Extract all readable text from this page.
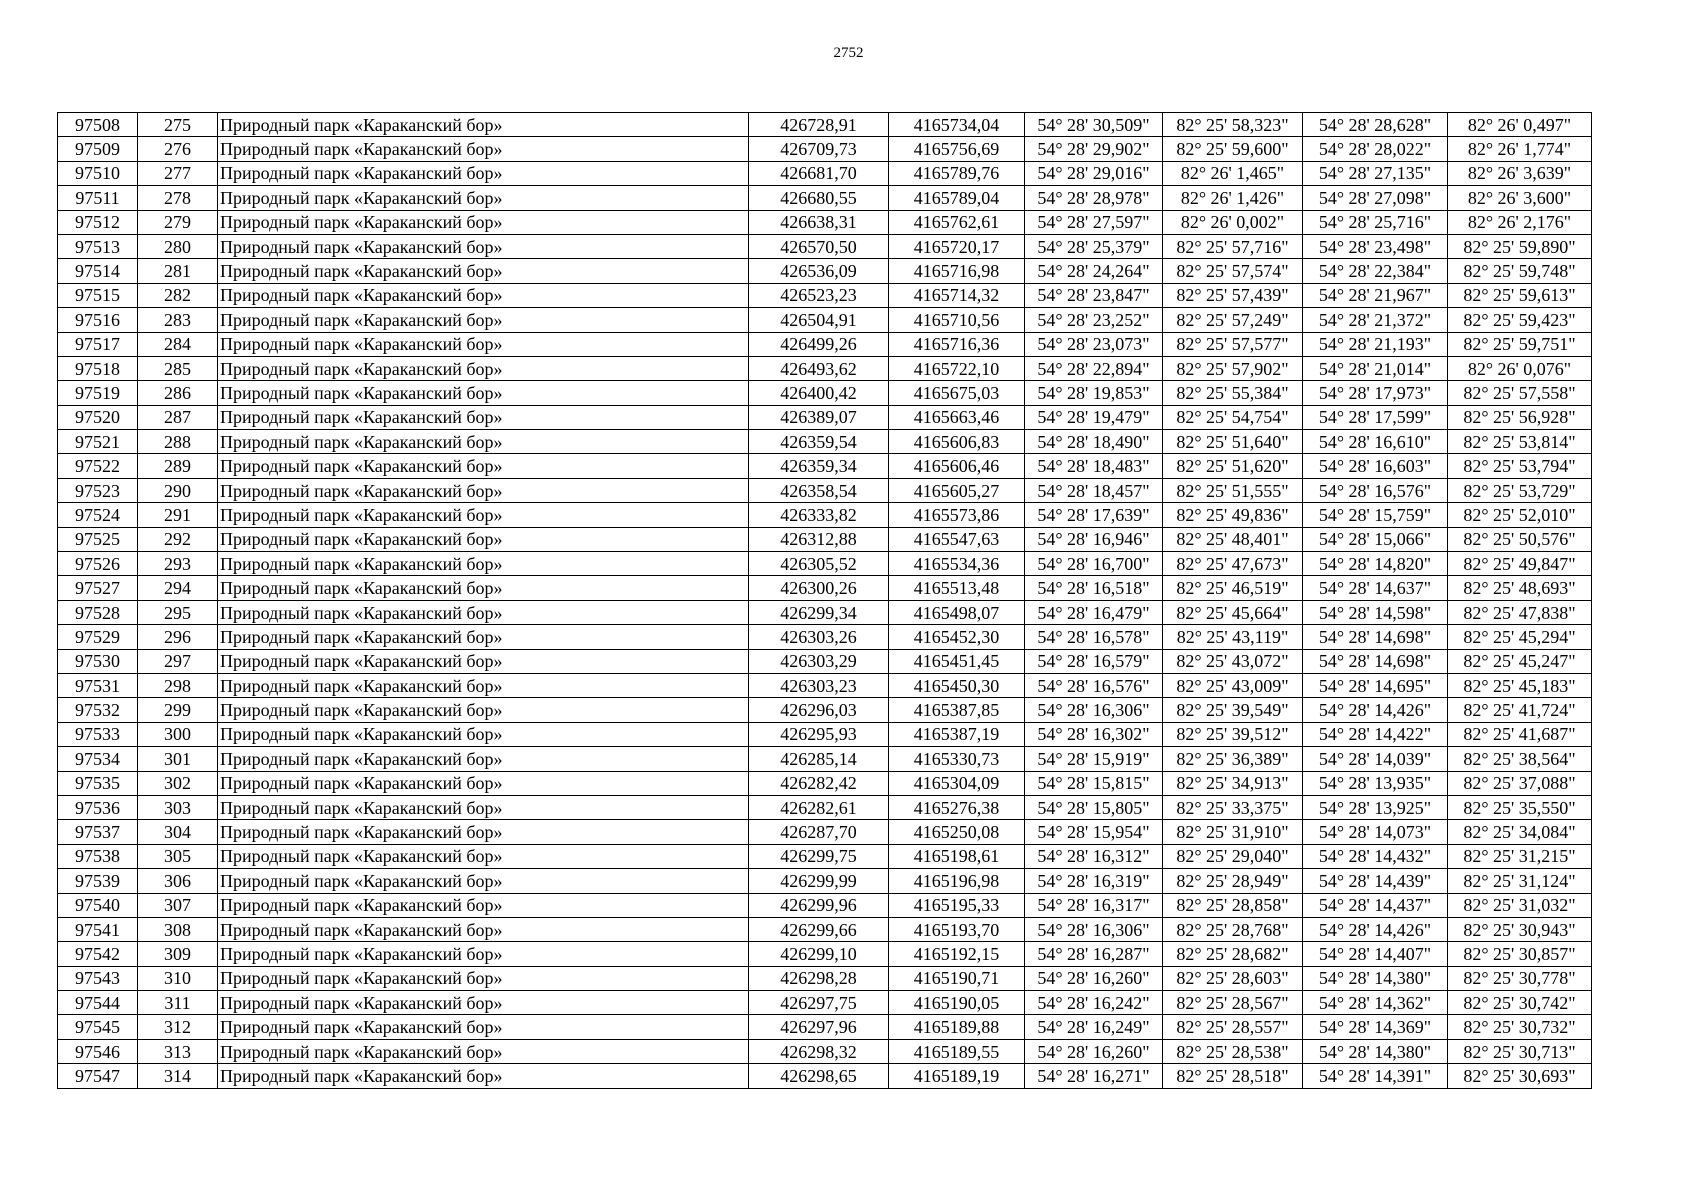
2752
97508	275	Природный парк «Караканский бор»	426728,91	4165734,04	54° 28' 30,509"	82° 25' 58,323"	54° 28' 28,628"	82° 26' 0,497"
97509	276	Природный парк «Караканский бор»	426709,73	4165756,69	54° 28' 29,902"	82° 25' 59,600"	54° 28' 28,022"	82° 26' 1,774"
97510	277	Природный парк «Караканский бор»	426681,70	4165789,76	54° 28' 29,016"	82° 26' 1,465"	54° 28' 27,135"	82° 26' 3,639"
97511	278	Природный парк «Караканский бор»	426680,55	4165789,04	54° 28' 28,978"	82° 26' 1,426"	54° 28' 27,098"	82° 26' 3,600"
97512	279	Природный парк «Караканский бор»	426638,31	4165762,61	54° 28' 27,597"	82° 26' 0,002"	54° 28' 25,716"	82° 26' 2,176"
97513	280	Природный парк «Караканский бор»	426570,50	4165720,17	54° 28' 25,379"	82° 25' 57,716"	54° 28' 23,498"	82° 25' 59,890"
97514	281	Природный парк «Караканский бор»	426536,09	4165716,98	54° 28' 24,264"	82° 25' 57,574"	54° 28' 22,384"	82° 25' 59,748"
97515	282	Природный парк «Караканский бор»	426523,23	4165714,32	54° 28' 23,847"	82° 25' 57,439"	54° 28' 21,967"	82° 25' 59,613"
97516	283	Природный парк «Караканский бор»	426504,91	4165710,56	54° 28' 23,252"	82° 25' 57,249"	54° 28' 21,372"	82° 25' 59,423"
97517	284	Природный парк «Караканский бор»	426499,26	4165716,36	54° 28' 23,073"	82° 25' 57,577"	54° 28' 21,193"	82° 25' 59,751"
97518	285	Природный парк «Караканский бор»	426493,62	4165722,10	54° 28' 22,894"	82° 25' 57,902"	54° 28' 21,014"	82° 26' 0,076"
97519	286	Природный парк «Караканский бор»	426400,42	4165675,03	54° 28' 19,853"	82° 25' 55,384"	54° 28' 17,973"	82° 25' 57,558"
97520	287	Природный парк «Караканский бор»	426389,07	4165663,46	54° 28' 19,479"	82° 25' 54,754"	54° 28' 17,599"	82° 25' 56,928"
97521	288	Природный парк «Караканский бор»	426359,54	4165606,83	54° 28' 18,490"	82° 25' 51,640"	54° 28' 16,610"	82° 25' 53,814"
97522	289	Природный парк «Караканский бор»	426359,34	4165606,46	54° 28' 18,483"	82° 25' 51,620"	54° 28' 16,603"	82° 25' 53,794"
97523	290	Природный парк «Караканский бор»	426358,54	4165605,27	54° 28' 18,457"	82° 25' 51,555"	54° 28' 16,576"	82° 25' 53,729"
97524	291	Природный парк «Караканский бор»	426333,82	4165573,86	54° 28' 17,639"	82° 25' 49,836"	54° 28' 15,759"	82° 25' 52,010"
97525	292	Природный парк «Караканский бор»	426312,88	4165547,63	54° 28' 16,946"	82° 25' 48,401"	54° 28' 15,066"	82° 25' 50,576"
97526	293	Природный парк «Караканский бор»	426305,52	4165534,36	54° 28' 16,700"	82° 25' 47,673"	54° 28' 14,820"	82° 25' 49,847"
97527	294	Природный парк «Караканский бор»	426300,26	4165513,48	54° 28' 16,518"	82° 25' 46,519"	54° 28' 14,637"	82° 25' 48,693"
97528	295	Природный парк «Караканский бор»	426299,34	4165498,07	54° 28' 16,479"	82° 25' 45,664"	54° 28' 14,598"	82° 25' 47,838"
97529	296	Природный парк «Караканский бор»	426303,26	4165452,30	54° 28' 16,578"	82° 25' 43,119"	54° 28' 14,698"	82° 25' 45,294"
97530	297	Природный парк «Караканский бор»	426303,29	4165451,45	54° 28' 16,579"	82° 25' 43,072"	54° 28' 14,698"	82° 25' 45,247"
97531	298	Природный парк «Караканский бор»	426303,23	4165450,30	54° 28' 16,576"	82° 25' 43,009"	54° 28' 14,695"	82° 25' 45,183"
97532	299	Природный парк «Караканский бор»	426296,03	4165387,85	54° 28' 16,306"	82° 25' 39,549"	54° 28' 14,426"	82° 25' 41,724"
97533	300	Природный парк «Караканский бор»	426295,93	4165387,19	54° 28' 16,302"	82° 25' 39,512"	54° 28' 14,422"	82° 25' 41,687"
97534	301	Природный парк «Караканский бор»	426285,14	4165330,73	54° 28' 15,919"	82° 25' 36,389"	54° 28' 14,039"	82° 25' 38,564"
97535	302	Природный парк «Караканский бор»	426282,42	4165304,09	54° 28' 15,815"	82° 25' 34,913"	54° 28' 13,935"	82° 25' 37,088"
97536	303	Природный парк «Караканский бор»	426282,61	4165276,38	54° 28' 15,805"	82° 25' 33,375"	54° 28' 13,925"	82° 25' 35,550"
97537	304	Природный парк «Караканский бор»	426287,70	4165250,08	54° 28' 15,954"	82° 25' 31,910"	54° 28' 14,073"	82° 25' 34,084"
97538	305	Природный парк «Караканский бор»	426299,75	4165198,61	54° 28' 16,312"	82° 25' 29,040"	54° 28' 14,432"	82° 25' 31,215"
97539	306	Природный парк «Караканский бор»	426299,99	4165196,98	54° 28' 16,319"	82° 25' 28,949"	54° 28' 14,439"	82° 25' 31,124"
97540	307	Природный парк «Караканский бор»	426299,96	4165195,33	54° 28' 16,317"	82° 25' 28,858"	54° 28' 14,437"	82° 25' 31,032"
97541	308	Природный парк «Караканский бор»	426299,66	4165193,70	54° 28' 16,306"	82° 25' 28,768"	54° 28' 14,426"	82° 25' 30,943"
97542	309	Природный парк «Караканский бор»	426299,10	4165192,15	54° 28' 16,287"	82° 25' 28,682"	54° 28' 14,407"	82° 25' 30,857"
97543	310	Природный парк «Караканский бор»	426298,28	4165190,71	54° 28' 16,260"	82° 25' 28,603"	54° 28' 14,380"	82° 25' 30,778"
97544	311	Природный парк «Караканский бор»	426297,75	4165190,05	54° 28' 16,242"	82° 25' 28,567"	54° 28' 14,362"	82° 25' 30,742"
97545	312	Природный парк «Караканский бор»	426297,96	4165189,88	54° 28' 16,249"	82° 25' 28,557"	54° 28' 14,369"	82° 25' 30,732"
97546	313	Природный парк «Караканский бор»	426298,32	4165189,55	54° 28' 16,260"	82° 25' 28,538"	54° 28' 14,380"	82° 25' 30,713"
97547	314	Природный парк «Караканский бор»	426298,65	4165189,19	54° 28' 16,271"	82° 25' 28,518"	54° 28' 14,391"	82° 25' 30,693"
